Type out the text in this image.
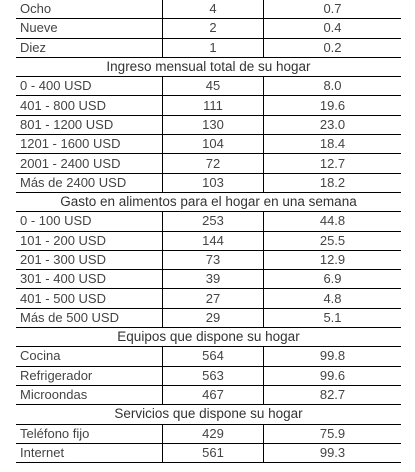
Ocho	4	0.7
Nueve	2	0.4
Diez	1	0.2
Ingreso mensual total de su hogar		
0 - 400 USD	45	8.0
401 - 800 USD	111	19.6
801 - 1200 USD	130	23.0
1201 - 1600 USD	104	18.4
2001 - 2400 USD	72	12.7
Más de 2400 USD	103	18.2
Gasto en alimentos para el hogar en una semana		
0 - 100 USD	253	44.8
101 - 200 USD	144	25.5
201 - 300 USD	73	12.9
301 - 400 USD	39	6.9
401 - 500 USD	27	4.8
Más de 500 USD	29	5.1
Equipos que dispone su hogar		
Cocina	564	99.8
Refrigerador	563	99.6
Microondas	467	82.7
Servicios que dispone su hogar		
Teléfono fijo	429	75.9
Internet	561	99.3
